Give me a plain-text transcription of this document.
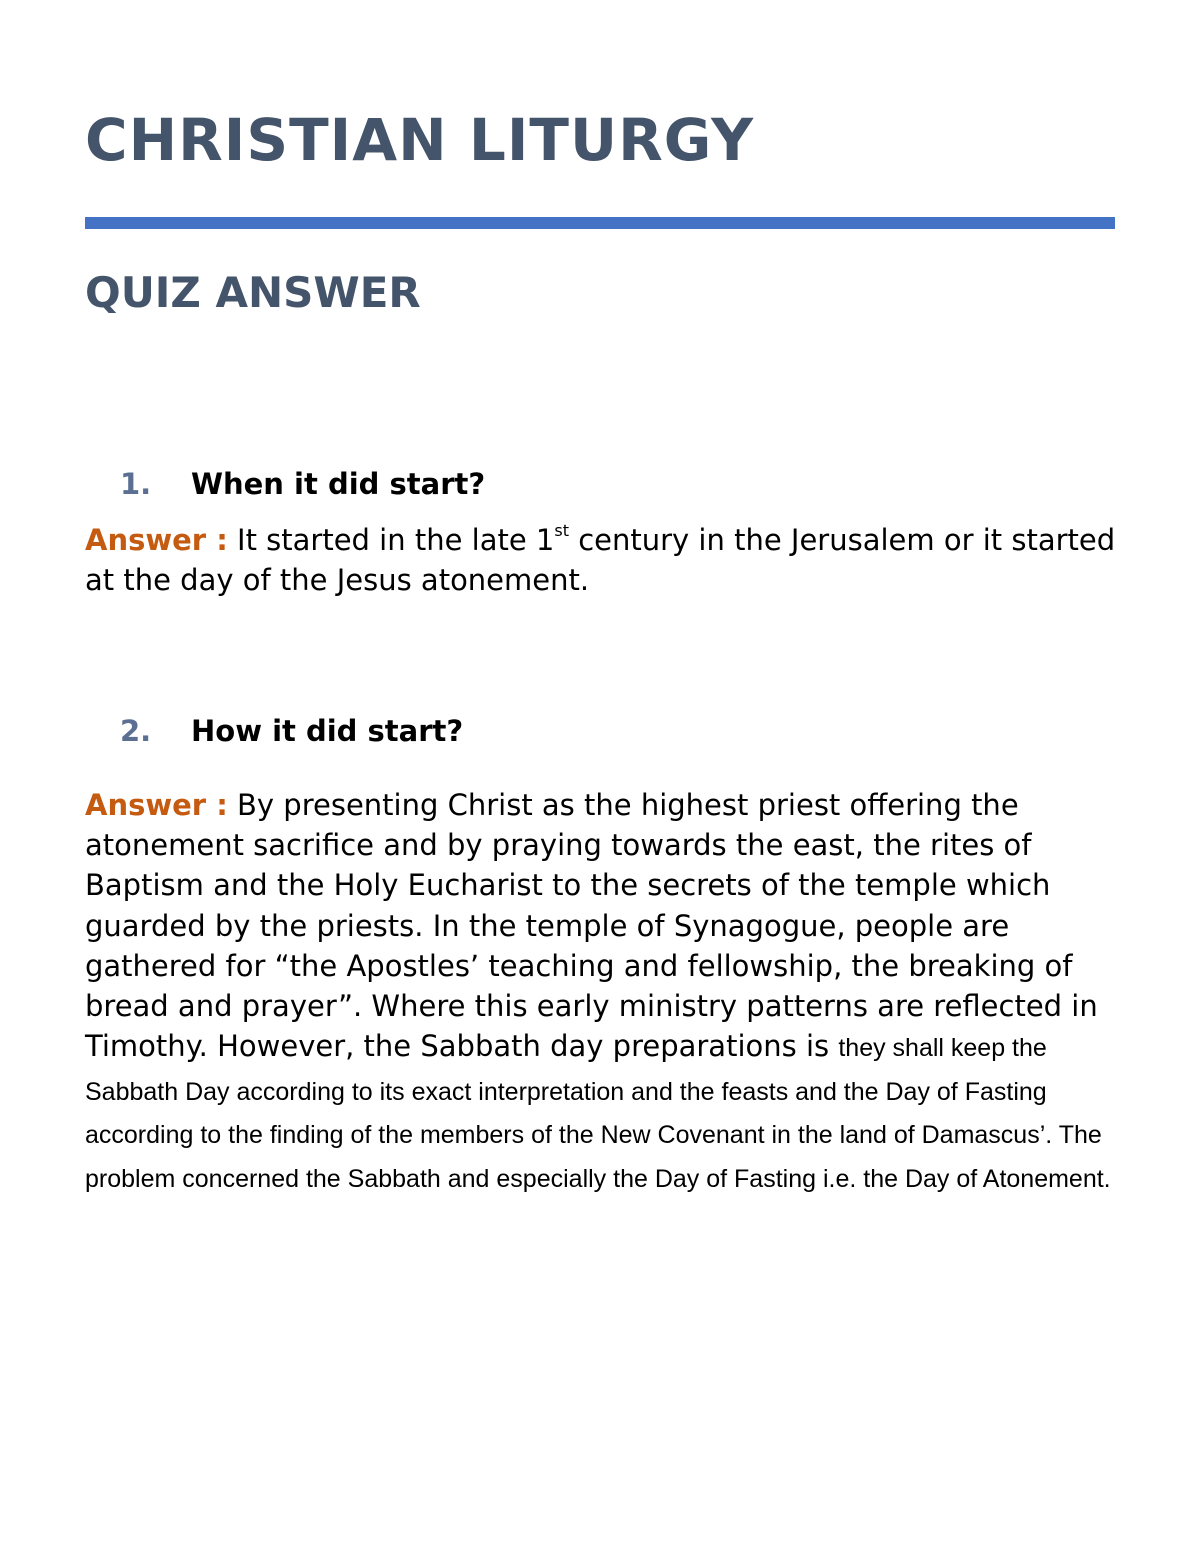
CHRISTIAN LITURGY
QUIZ ANSWER
1. When it did start?

Answer : It started in the late 1st century in the Jerusalem or it started at the day of the Jesus atonement.

2. How it did start?

Answer : By presenting Christ as the highest priest offering the atonement sacrifice and by praying towards the east, the rites of Baptism and the Holy Eucharist to the secrets of the temple which guarded by the priests. In the temple of Synagogue, people are gathered for “the Apostles’ teaching and fellowship, the breaking of bread and prayer”. Where this early ministry patterns are reflected in Timothy. However, the Sabbath day preparations is they shall keep the Sabbath Day according to its exact interpretation and the feasts and the Day of Fasting according to the finding of the members of the New Covenant in the land of Damascus’. The problem concerned the Sabbath and especially the Day of Fasting i.e. the Day of Atonement.
